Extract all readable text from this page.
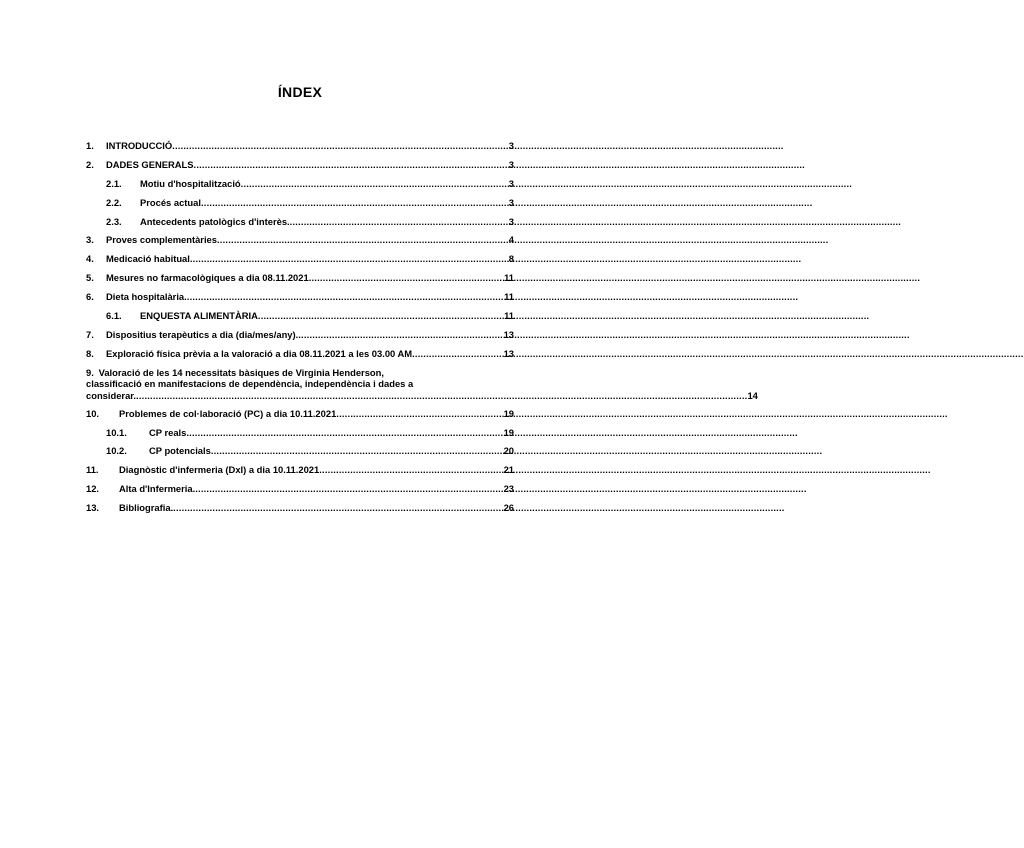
ÍNDEX
1.	INTRODUCCIÓ .....	3
2.	DADES GENERALS .....	3
2.1.	Motiu d'hospitalització .....	3
2.2.	Procés actual .....	3
2.3.	Antecedents patològics d'interès. .....	3
3.	Proves complementàries .....	4
4.	Medicació habitual .....	8
5.	Mesures no farmacològiques a dia 08.11.2021 .....	11
6.	Dieta hospitalària. .....	11
6.1.	ENQUESTA ALIMENTÀRIA .....	11
7.	Dispositius terapèutics a dia (dia/mes/any). .....	13
8.	Exploració física prèvia a la valoració a dia 08.11.2021 a les 03.00 AM .....	13
9. Valoració de les 14 necessitats bàsiques de Virginia Henderson,
classificació en manifestacions de dependència, independència i dades a
considerar. .....	14
10.	Problemes de col·laboració (PC) a dia 10.11.2021 .....	19
10.1.	CP reals .....	19
10.2.	CP potencials .....	20
11.	Diagnòstic d'infermeria (DxI) a dia 10.11.2021 .....	21
12.	Alta d'Infermeria. .....	23
13.	Bibliografia. .....	26
